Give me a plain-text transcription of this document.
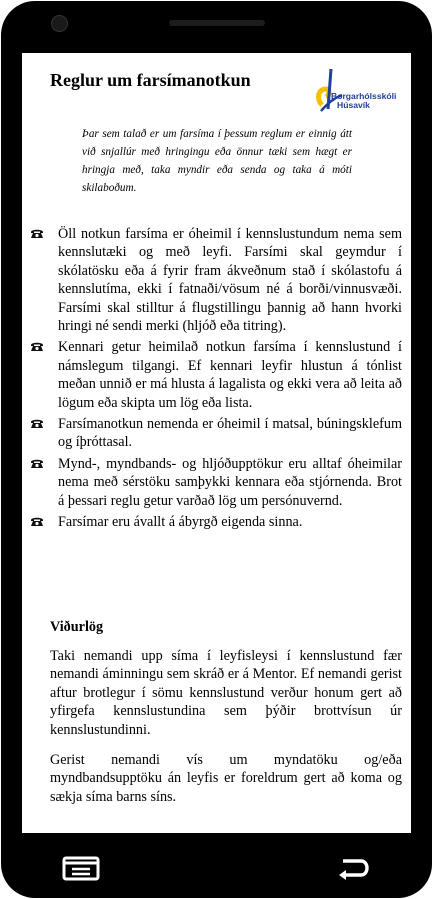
Reglur um farsímanotkun
Borgarhólsskóli
Húsavík

Þar sem talað er um farsíma í þessum reglum er einnig átt við snjallúr með hringingu eða önnur tæki sem hægt er hringja með, taka myndir eða senda og taka á móti skilaboðum.

Öll notkun farsíma er óheimil í kennslustundum nema sem kennslutæki og með leyfi. Farsími skal geymdur í skólatösku eða á fyrir fram ákveðnum stað í skólastofu á kennslutíma, ekki í fatnaði/vösum né á borði/vinnusvæði. Farsími skal stilltur á flugstillingu þannig að hann hvorki hringi né sendi merki (hljóð eða titring).
Kennari getur heimilað notkun farsíma í kennslustund í námslegum tilgangi. Ef kennari leyfir hlustun á tónlist meðan unnið er má hlusta á lagalista og ekki vera að leita að lögum eða skipta um lög eða lista.
Farsímanotkun nemenda er óheimil í matsal, búningsklefum og íþróttasal.
Mynd-, myndbands- og hljóðupptökur eru alltaf óheimilar nema með sérstöku samþykki kennara eða stjórnenda. Brot á þessari reglu getur varðað lög um persónuvernd.
Farsímar eru ávallt á ábyrgð eigenda sinna.
Viðurlög

Taki nemandi upp síma í leyfisleysi í kennslustund fær nemandi áminningu sem skráð er á Mentor. Ef nemandi gerist aftur brotlegur í sömu kennslustund verður honum gert að yfirgefa kennslustundina sem þýðir brottvísun úr kennslustundinni.

Gerist nemandi vís um myndatöku og/eða myndbandsupptöku án leyfis er foreldrum gert að koma og sækja síma barns síns.
